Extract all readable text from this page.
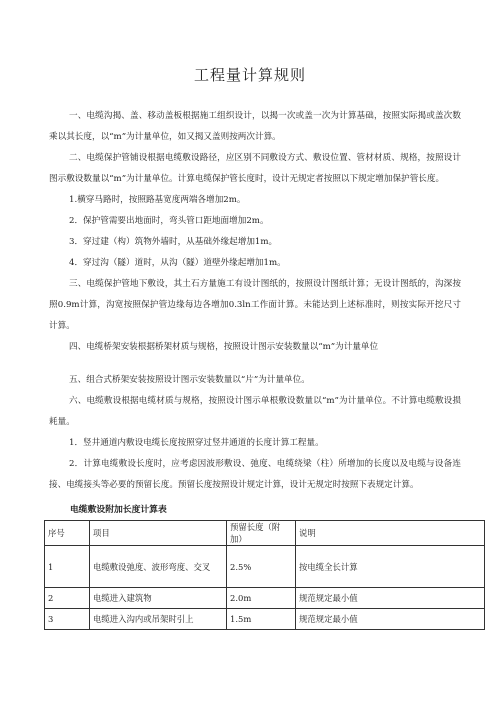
工程量计算规则
一、电缆沟揭、盖、移动盖板根据施工组织设计，以揭一次或盖一次为计算基础，按照实际揭或盖次数乘以其长度，以“m”为计量单位，如又揭又盖则按两次计算。
二、电缆保护管铺设根据电缆敷设路径，应区别不同敷设方式、敷设位置、管材材质、规格，按照设计图示敷设数量以“m”为计量单位。计算电缆保护管长度时，设计无规定者按照以下规定增加保护管长度。
1.横穿马路时，按照路基宽度两端各增加2m。
2．保护管需要出地面时，弯头管口距地面增加2m。
3．穿过建（构）筑物外墙时，从基础外缘起增加1m。
4．穿过沟（隧）道时，从沟（隧）道壁外缘起增加1m。
三、电缆保护管地下敷设，其土石方量施工有设计图纸的，按照设计图纸计算；无设计图纸的，沟深按照0.9m计算，沟宽按照保护管边缘每边各增加0.3ln工作面计算。未能达到上述标准时，则按实际开挖尺寸计算。
四、电缆桥架安装根据桥架材质与规格，按照设计图示安装数量以“m”为计量单位
五、组合式桥架安装按照设计图示安装数量以“片”为计量单位。
六、电缆敷设根据电缆材质与规格，按照设计图示单根敷设数量以“m”为计量单位。不计算电缆敷设损耗量。
1．竖井通道内敷设电缆长度按照穿过竖井通道的长度计算工程量。
2．计算电缆敷设长度时，应考虑因波形敷设、弛度、电缆绕梁（柱）所增加的长度以及电缆与设备连接、电缆接头等必要的预留长度。预留长度按照设计规定计算，设计无规定时按照下表规定计算。
电缆敷设附加长度计算表
序号	项目	预留长度（附加）	说明
1	电缆敷设弛度、波形弯度、交叉	2.5%	按电缆全长计算
2	电缆进入建筑物	2.0m	规范规定最小值
3	电缆进入沟内或吊架时引上	1.5m	规范规定最小值
